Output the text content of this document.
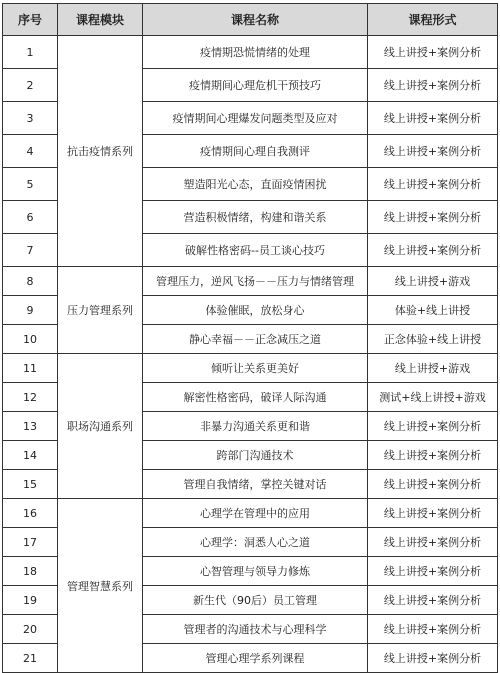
序号	课程模块	课程名称	课程形式
1	抗击疫情系列	疫情期恐慌情绪的处理	线上讲授+案例分析
2		疫情期间心理危机干预技巧	线上讲授+案例分析
3		疫情期间心理爆发问题类型及应对	线上讲授+案例分析
4		疫情期间心理自我测评	线上讲授+案例分析
5		塑造阳光心态，直面疫情困扰	线上讲授+案例分析
6		营造积极情绪，构建和谐关系	线上讲授+案例分析
7		破解性格密码--员工谈心技巧	线上讲授+案例分析
8	压力管理系列	管理压力，逆风飞扬－－压力与情绪管理	线上讲授+游戏
9		体验催眠，放松身心	体验+线上讲授
10		静心幸福－－正念减压之道	正念体验+线上讲授
11	职场沟通系列	倾听让关系更美好	线上讲授+游戏
12		解密性格密码，破译人际沟通	测试+线上讲授+游戏
13		非暴力沟通关系更和谐	线上讲授+案例分析
14		跨部门沟通技术	线上讲授+案例分析
15		管理自我情绪，掌控关键对话	线上讲授+案例分析
16	管理智慧系列	心理学在管理中的应用	线上讲授+案例分析
17		心理学：洞悉人心之道	线上讲授+案例分析
18		心智管理与领导力修炼	线上讲授+案例分析
19		新生代（90后）员工管理	线上讲授+案例分析
20		管理者的沟通技术与心理科学	线上讲授+案例分析
21		管理心理学系列课程	线上讲授+案例分析
